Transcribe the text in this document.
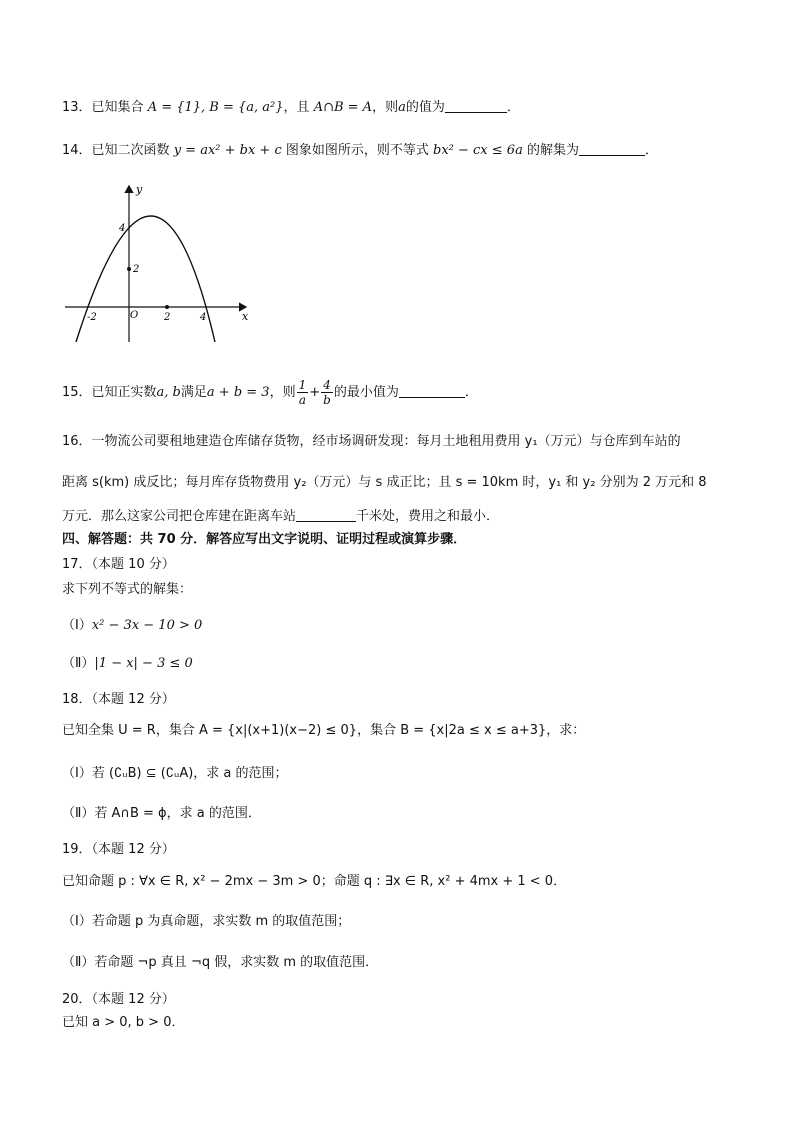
13．已知集合 A = {1}, B = {a, a²}，且 A∩B = A，则a的值为	．
14．已知二次函数 y = ax² + bx + c 图象如图所示，则不等式 bx² − cx ≤ 6a 的解集为	．
y
x
O
4
2
-2	2	4
15．已知正实数a, b满足a + b = 3，则 $\frac{1}{a} + \frac{4}{b}$ 的最小值为	．
16．一物流公司要租地建造仓库储存货物，经市场调研发现：每月土地租用费用 y₁（万元）与仓库到车站的
距离 s(km) 成反比；每月库存货物费用 y₂（万元）与 s 成正比；且 s = 10km 时，y₁ 和 y₂ 分别为 2 万元和 8
万元．那么这家公司把仓库建在距离车站	千米处，费用之和最小．
四、解答题：共 70 分．解答应写出文字说明、证明过程或演算步骤．
17．（本题 10 分）
求下列不等式的解集：
（Ⅰ）x² − 3x − 10 > 0
（Ⅱ）|1 − x| − 3 ≤ 0
18．（本题 12 分）
已知全集 U = R，集合 A = {x|(x+1)(x−2) ≤ 0}，集合 B = {x|2a ≤ x ≤ a+3}，求：
（Ⅰ）若 (∁ᵤB) ⊆ (∁ᵤA)，求 a 的范围；
（Ⅱ）若 A∩B = ϕ，求 a 的范围．
19．（本题 12 分）
已知命题 p : ∀x ∈ R, x² − 2mx − 3m > 0；命题 q : ∃x ∈ R, x² + 4mx + 1 < 0．
（Ⅰ）若命题 p 为真命题，求实数 m 的取值范围；
（Ⅱ）若命题 ¬p 真且 ¬q 假，求实数 m 的取值范围．
20．（本题 12 分）
已知 a > 0, b > 0．
